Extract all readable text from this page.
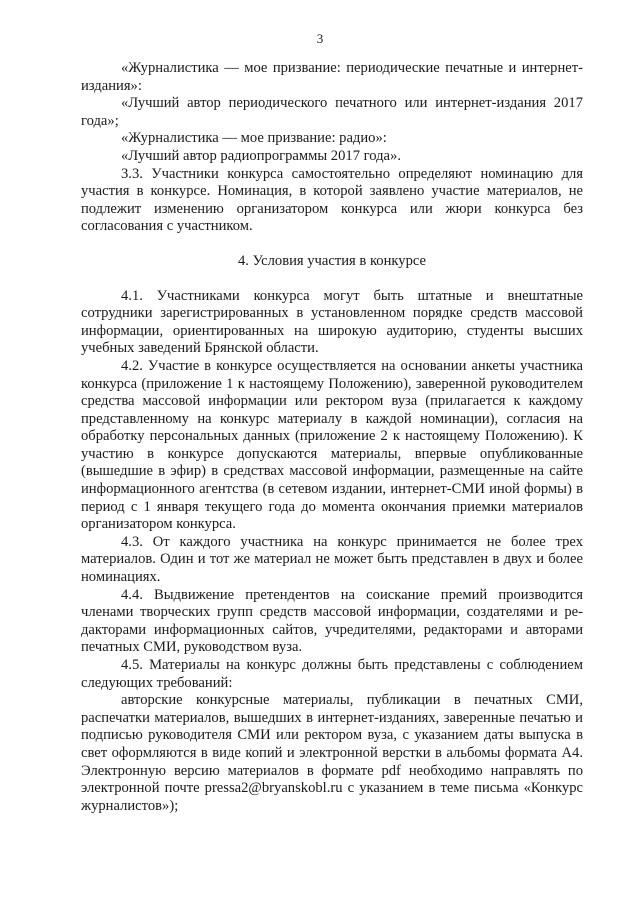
3

«Журналистика — мое призвание: периодические печатные и интернет-издания»:

«Лучший автор периодического печатного или интернет-издания 2017 года»;

«Журналистика — мое призвание: радио»:

«Лучший автор радиопрограммы 2017 года».

3.3. Участники конкурса самостоятельно определяют номинацию для участия в конкурсе. Номинация, в которой заявлено участие материалов, не подлежит изменению организатором конкурса или жюри конкурса без согласования с участником.

4. Условия участия в конкурсе

4.1. Участниками конкурса могут быть штатные и внештатные сотрудники зарегистрированных в установленном порядке средств массовой информации, ориентированных на широкую аудиторию, студенты высших учебных заведений Брянской области.

4.2. Участие в конкурсе осуществляется на основании анкеты участника конкурса (приложение 1 к настоящему Положению), заверенной руководителем средства массовой информации или ректором вуза (прилагается к каждому представленному на конкурс материалу в каждой номинации), согласия на обработку персональных данных (приложение 2 к настоящему Положению). К участию в конкурсе допускаются материалы, впервые опубликованные (вышедшие в эфир) в средствах массовой информации, размещенные на сайте информационного агентства (в сетевом издании, интернет-СМИ иной формы) в период с 1 января текущего года до момента окончания приемки материалов организатором конкурса.

4.3. От каждого участника на конкурс принимается не более трех материалов. Один и тот же материал не может быть представлен в двух и более номинациях.

4.4. Выдвижение претендентов на соискание премий производится членами творческих групп средств массовой информации, создателями и редакторами информационных сайтов, учредителями, редакторами и авторами печатных СМИ, руководством вуза.

4.5. Материалы на конкурс должны быть представлены с соблюдением следующих требований:

авторские конкурсные материалы, публикации в печатных СМИ, распечатки материалов, вышедших в интернет-изданиях, заверенные печатью и подписью руководителя СМИ или ректором вуза, с указанием даты выпуска в свет оформляются в виде копий и электронной верстки в альбомы формата А4. Электронную версию материалов в формате pdf необходимо направлять по электронной почте pressa2@bryanskobl.ru с указанием в теме письма «Конкурс журналистов»);
